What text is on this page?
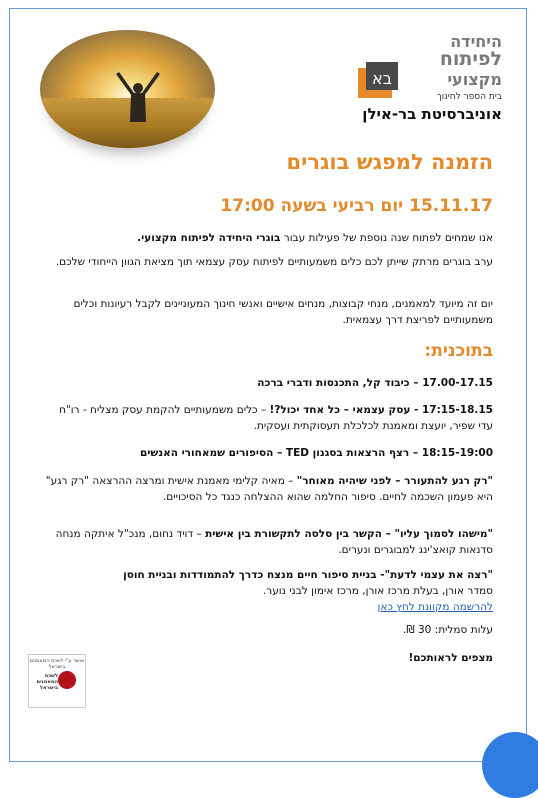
היחידה
לפיתוח
מקצועי
בא
בית הספר לחינוך
אוניברסיטת בר-אילן
הזמנה למפגש בוגרים
15.11.17 יום רביעי בשעה 17:00
אנו שמחים לפתוח שנה נוספת של פעילות עבור בוגרי היחידה לפיתוח מקצועי.
ערב בוגרים מרתק שייתן לכם כלים משמעותיים לפיתוח עסק עצמאי תוך מציאת הגוון הייחודי שלכם.
יום זה מיועד למאמנים, מנחי קבוצות, מנחים אישיים ואנשי חינוך המעוניינים לקבל רעיונות וכלים משמעותיים לפריצת דרך עצמאית.
בתוכנית:
17.00-17.15 – כיבוד קל, התכנסות ודברי ברכה
17:15-18.15 - עסק עצמאי – כל אחד יכול?! – כלים משמעותיים להקמת עסק מצליח - רו"ח עדי שפיר, יועצת ומאמנת לכלכלת תעסוקתית ועסקית.
18:15-19:00 – רצף הרצאות בסגנון TED – הסיפורים שמאחורי האנשים
"רק רגע להתעורר – לפני שיהיה מאוחר" – מאיה קלימי מאמנת אישית ומרצה ההרצאה "רק רגע" היא פעמון השכמה לחיים. סיפור החלמה שהוא ההצלחה כנגד כל הסיכויים.
"מישהו לסמוך עליו" – הקשר בין סלסה לתקשורת בין אישית – דויד נחום, מנכ"ל איתקה מנחה סדנאות קואצ'ינג למבוגרים ונערים.
"רצה את עצמי לדעת"- בניית סיפור חיים מנצח כדרך להתמודדות ובניית חוסן
סמדר אורן, בעלת מרכז אורן, מרכז אימון לבני נוער.
להרשמה מקוונת לחץ כאן
עלות סמלית: 30 ₪.
מצפים לראותכם!
אושר ע"י לשכת המאמנים בישראל
לשכת המאמנים בישראל
